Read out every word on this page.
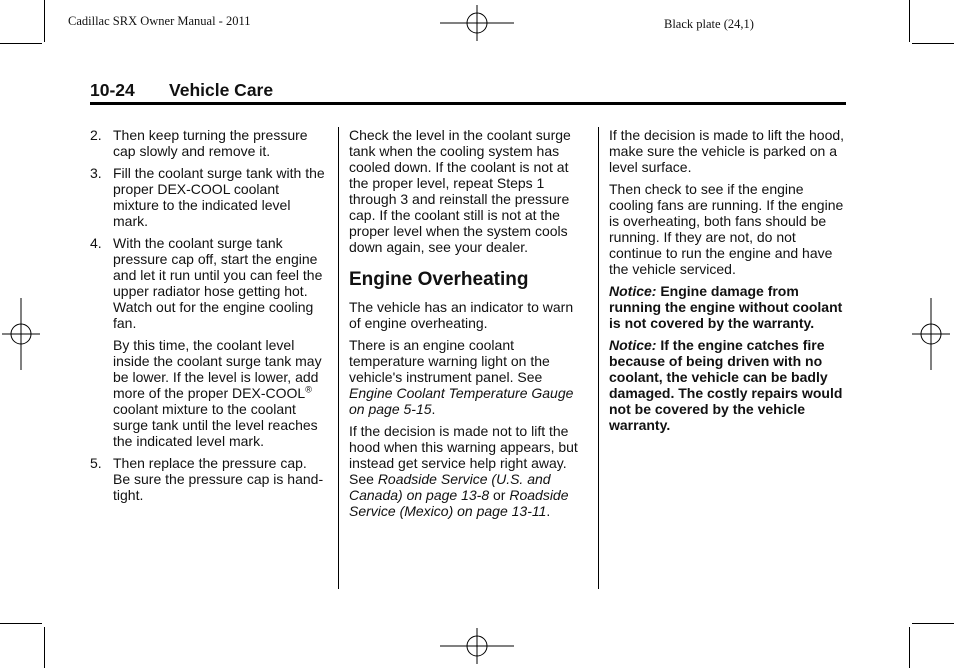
Cadillac SRX Owner Manual - 2011	Black plate (24,1)
10-24 Vehicle Care
2. Then keep turning the pressure cap slowly and remove it.
3. Fill the coolant surge tank with the proper DEX-COOL coolant mixture to the indicated level mark.
4. With the coolant surge tank pressure cap off, start the engine and let it run until you can feel the upper radiator hose getting hot. Watch out for the engine cooling fan.
By this time, the coolant level inside the coolant surge tank may be lower. If the level is lower, add more of the proper DEX-COOL® coolant mixture to the coolant surge tank until the level reaches the indicated level mark.
5. Then replace the pressure cap. Be sure the pressure cap is hand-tight.

Check the level in the coolant surge tank when the cooling system has cooled down. If the coolant is not at the proper level, repeat Steps 1 through 3 and reinstall the pressure cap. If the coolant still is not at the proper level when the system cools down again, see your dealer.

Engine Overheating

The vehicle has an indicator to warn of engine overheating.

There is an engine coolant temperature warning light on the vehicle's instrument panel. See Engine Coolant Temperature Gauge on page 5-15.

If the decision is made not to lift the hood when this warning appears, but instead get service help right away. See Roadside Service (U.S. and Canada) on page 13-8 or Roadside Service (Mexico) on page 13-11.

If the decision is made to lift the hood, make sure the vehicle is parked on a level surface.

Then check to see if the engine cooling fans are running. If the engine is overheating, both fans should be running. If they are not, do not continue to run the engine and have the vehicle serviced.

Notice: Engine damage from running the engine without coolant is not covered by the warranty.

Notice: If the engine catches fire because of being driven with no coolant, the vehicle can be badly damaged. The costly repairs would not be covered by the vehicle warranty.
